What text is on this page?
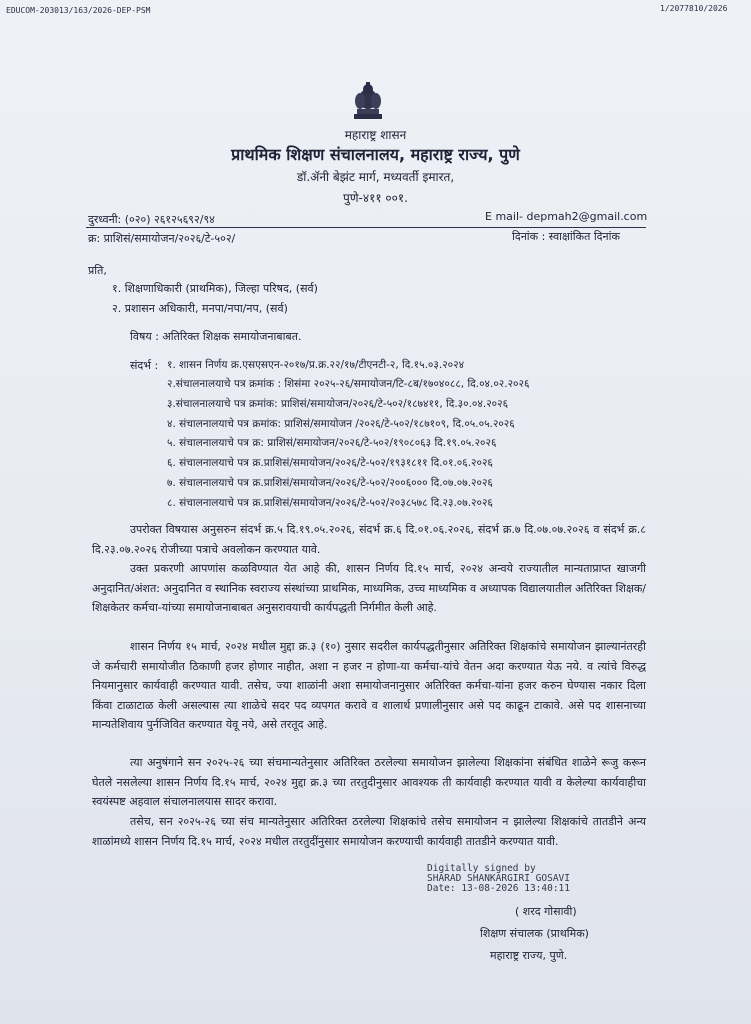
EDUCOM-203013/163/2026-DEP-PSM	1/2077810/2026
महाराष्ट्र शासन
प्राथमिक शिक्षण संचालनालय, महाराष्ट्र राज्य, पुणे
डॉ.ॲनी बेझंट मार्ग, मध्यवर्ती इमारत,
पुणे-४११ ००१.
दुरध्वनी: (०२०) २६१२५६९२/९४	E mail- depmah2@gmail.com
क्र: प्राशिसं/समायोजन/२०२६/टे-५०२/	दिनांक : स्वाक्षांकित दिनांक
प्रति,
१. शिक्षणाधिकारी (प्राथमिक), जिल्हा परिषद, (सर्व)
२. प्रशासन अधिकारी, मनपा/नपा/नप, (सर्व)
विषय : अतिरिक्त शिक्षक समायोजनाबाबत.
संदर्भ : १. शासन निर्णय क्र.एसएसएन-२०१७/प्र.क्र.२२/१७/टीएनटी-२, दि.१५.०३.२०२४
२.संचालनालयाचे पत्र क्रमांक : शिसंमा २०२५-२६/समायोजन/टि-८ब/१७०४०८८, दि.०४.०२.२०२६
३.संचालनालयाचे पत्र क्रमांक: प्राशिसं/समायोजन/२०२६/टे-५०२/१८७४११, दि.३०.०४.२०२६
४. संचालनालयाचे पत्र क्रमांक: प्राशिसं/समायोजन /२०२६/टे-५०२/१८७१०९, दि.०५.०५.२०२६
५. संचालनालयाचे पत्र क्र: प्राशिसं/समायोजन/२०२६/टे-५०२/१९०८०६३ दि.१९.०५.२०२६
६. संचालनालयाचे पत्र क्र.प्राशिसं/समायोजन/२०२६/टे-५०२/१९३१८११ दि.०१.०६.२०२६
७. संचालनालयाचे पत्र क्र.प्राशिसं/समायोजन/२०२६/टे-५०२/२००६००० दि.०७.०७.२०२६
८. संचालनालयाचे पत्र क्र.प्राशिसं/समायोजन/२०२६/टे-५०२/२०३८५७८ दि.२३.०७.२०२६
उपरोक्त विषयास अनुसरुन संदर्भ क्र.५ दि.१९.०५.२०२६, संदर्भ क्र.६ दि.०१.०६.२०२६, संदर्भ क्र.७ दि.०७.०७.२०२६ व संदर्भ क्र.८ दि.२३.०७.२०२६ रोजीच्या पत्राचे अवलोकन करण्यात यावे.
उक्त प्रकरणी आपणांस कळविण्यात येत आहे की, शासन निर्णय दि.१५ मार्च, २०२४ अन्वये राज्यातील मान्यताप्राप्त खाजगी अनुदानित/अंशत: अनुदानित व स्थानिक स्वराज्य संस्थांच्या प्राथमिक, माध्यमिक, उच्च माध्यमिक व अध्यापक विद्यालयातील अतिरिक्त शिक्षक/शिक्षकेतर कर्मचा-यांच्या समायोजनाबाबत अनुसरावयाची कार्यपद्धती निर्गमीत केली आहे.
शासन निर्णय १५ मार्च, २०२४ मधील मुद्दा क्र.३ (१०) नुसार सदरील कार्यपद्धतीनुसार अतिरिक्त शिक्षकांचे समायोजन झाल्यानंतरही जे कर्मचारी समायोजीत ठिकाणी हजर होणार नाहीत, अशा न हजर न होणा-या कर्मचा-यांचे वेतन अदा करण्यात येऊ नये. व त्यांचे विरुद्ध नियमानुसार कार्यवाही करण्यात यावी. तसेच, ज्या शाळांनी अशा समायोजनानुसार अतिरिक्त कर्मचा-यांना हजर करुन घेण्यास नकार दिला किंवा टाळाटाळ केली असल्यास त्या शाळेचे सदर पद व्यपगत करावे व शालार्थ प्रणालीनुसार असे पद काढून टाकावे. असे पद शासनाच्या मान्यतेशिवाय पुर्नजिवित करण्यात येवू नये, असे तरतूद आहे.
त्या अनुषंगाने सन २०२५-२६ च्या संचमान्यतेनुसार अतिरिक्त ठरलेल्या समायोजन झालेल्या शिक्षकांना संबंधित शाळेने रूजु करून घेतले नसलेल्या शासन निर्णय दि.१५ मार्च, २०२४ मुद्दा क्र.३ च्या तरतुदीनुसार आवश्यक ती कार्यवाही करण्यात यावी व केलेल्या कार्यवाहीचा स्वयंस्पष्ट अहवाल संचालनालयास सादर करावा.
तसेच, सन २०२५-२६ च्या संच मान्यतेनुसार अतिरिक्त ठरलेल्या शिक्षकांचे तसेच समायोजन न झालेल्या शिक्षकांचे तातडीने अन्य शाळांमध्ये शासन निर्णय दि.१५ मार्च, २०२४ मधील तरतुदींनुसार समायोजन करण्याची कार्यवाही तातडीने करण्यात यावी.
Digitally signed by
SHARAD SHANKARGIRI GOSAVI
Date: 13-08-2026 13:40:11
( शरद गोसावी)
शिक्षण संचालक (प्राथमिक)
महाराष्ट्र राज्य, पुणे.
